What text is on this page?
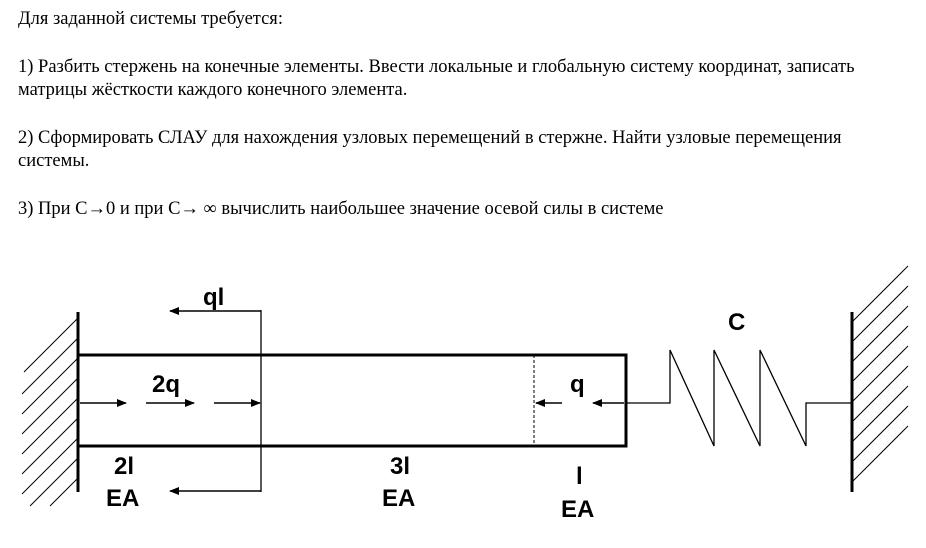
Для заданной системы требуется:

1) Разбить стержень на конечные элементы. Ввести локальные и глобальную систему координат, записать матрицы жёсткости каждого конечного элемента.

2) Сформировать СЛАУ для нахождения узловых перемещений в стержне. Найти узловые перемещения системы.

3) При С→0 и при С→ ∞ вычислить наибольшее значение осевой силы в системе

ql
2q	q
C
2l
EA
3l
EA
l
EA
